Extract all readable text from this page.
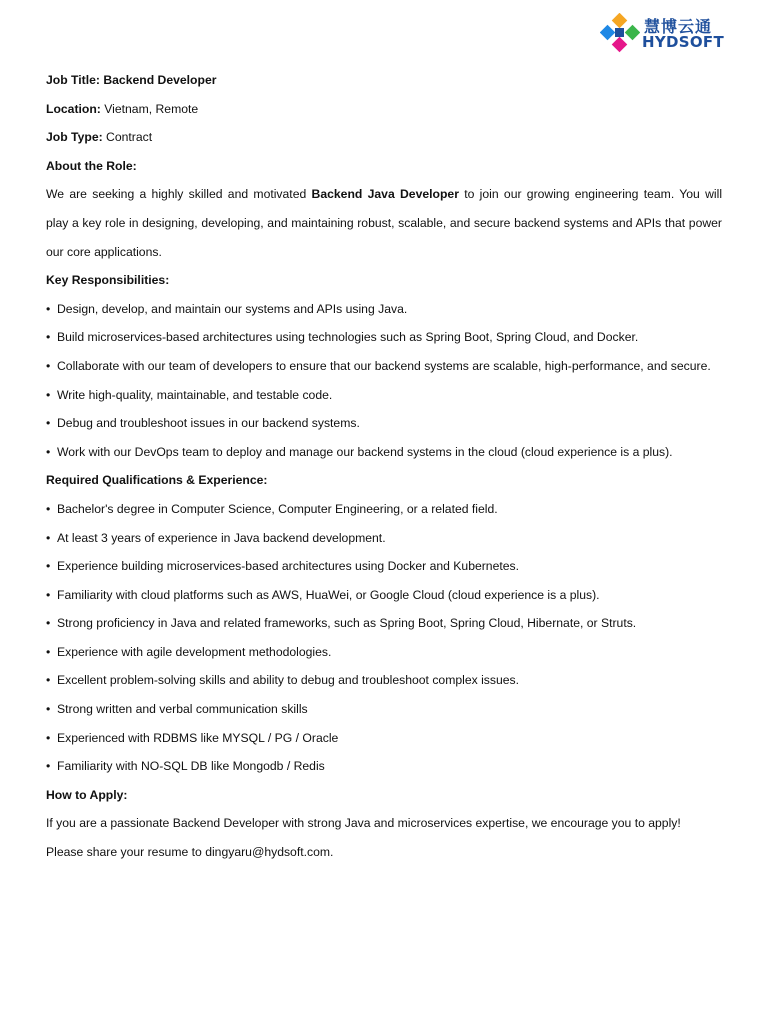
慧博云通
HYDSOFT
Job Title: Backend Developer
Location: Vietnam, Remote
Job Type: Contract
About the Role:
We are seeking a highly skilled and motivated Backend Java Developer to join our growing engineering team. You will
play a key role in designing, developing, and maintaining robust, scalable, and secure backend systems and APIs that power
our core applications.
Key Responsibilities:
• Design, develop, and maintain our systems and APIs using Java.
• Build microservices-based architectures using technologies such as Spring Boot, Spring Cloud, and Docker.
• Collaborate with our team of developers to ensure that our backend systems are scalable, high-performance, and secure.
• Write high-quality, maintainable, and testable code.
• Debug and troubleshoot issues in our backend systems.
• Work with our DevOps team to deploy and manage our backend systems in the cloud (cloud experience is a plus).
Required Qualifications & Experience:
• Bachelor's degree in Computer Science, Computer Engineering, or a related field.
• At least 3 years of experience in Java backend development.
• Experience building microservices-based architectures using Docker and Kubernetes.
• Familiarity with cloud platforms such as AWS, HuaWei, or Google Cloud (cloud experience is a plus).
• Strong proficiency in Java and related frameworks, such as Spring Boot, Spring Cloud, Hibernate, or Struts.
• Experience with agile development methodologies.
• Excellent problem-solving skills and ability to debug and troubleshoot complex issues.
• Strong written and verbal communication skills
• Experienced with RDBMS like MYSQL / PG / Oracle
• Familiarity with NO-SQL DB like Mongodb / Redis
How to Apply:
If you are a passionate Backend Developer with strong Java and microservices expertise, we encourage you to apply!
Please share your resume to dingyaru@hydsoft.com.
